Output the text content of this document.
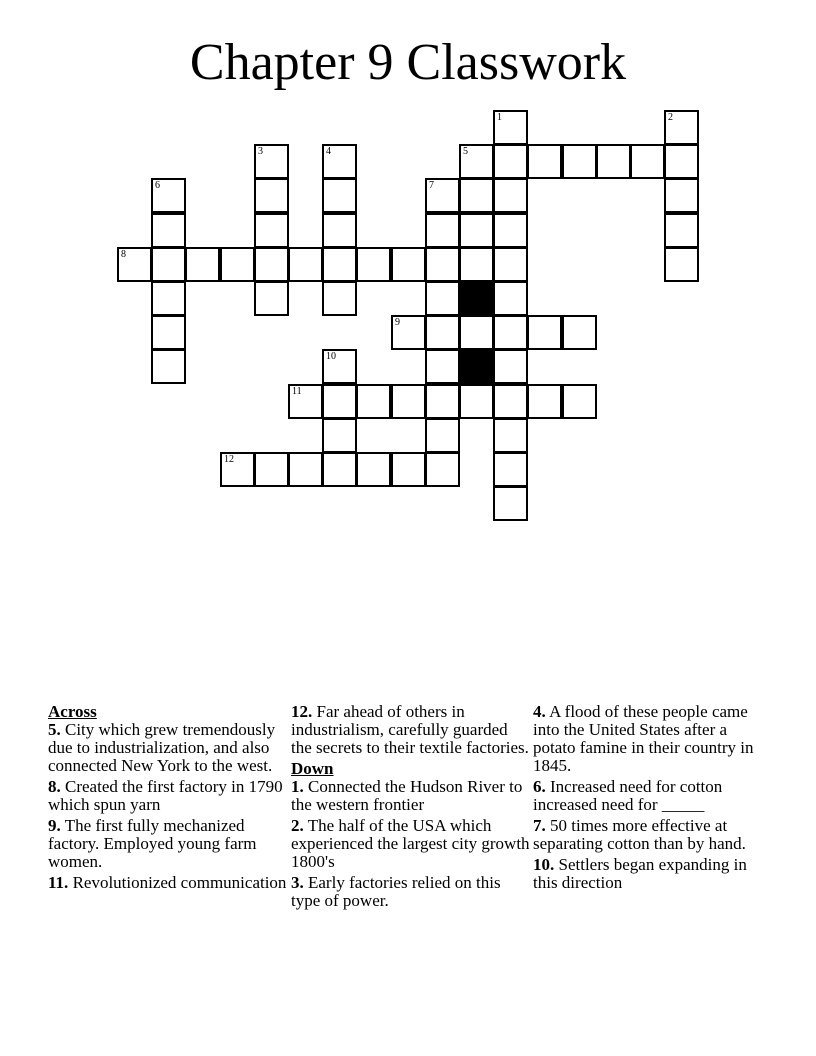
Chapter 9 Classwork
5
8
9
11
12
1	2
3	4
6	7
10
Across
5. City which grew tremendously due to industrialization, and also connected New York to the west.
8. Created the first factory in 1790 which spun yarn
9. The first fully mechanized factory. Employed young farm women.
11. Revolutionized communication
12. Far ahead of others in industrialism, carefully guarded the secrets to their textile factories.
Down
1. Connected the Hudson River to the western frontier
2. The half of the USA which experienced the largest city growth 1800's
3. Early factories relied on this type of power.
4. A flood of these people came into the United States after a potato famine in their country in 1845.
6. Increased need for cotton increased need for _____
7. 50 times more effective at separating cotton than by hand.
10. Settlers began expanding in this direction
